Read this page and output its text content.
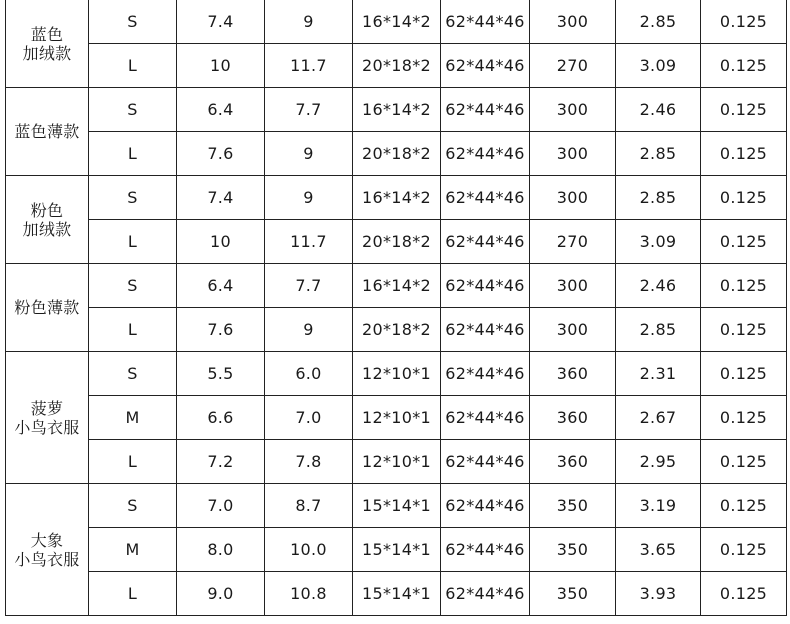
蓝色
加绒款	S	7.4	9	16*14*2	62*44*46	300	2.85	0.125
	L	10	11.7	20*18*2	62*44*46	270	3.09	0.125

蓝色薄款	S	6.4	7.7	16*14*2	62*44*46	300	2.46	0.125
	L	7.6	9	20*18*2	62*44*46	300	2.85	0.125

粉色
加绒款	S	7.4	9	16*14*2	62*44*46	300	2.85	0.125
	L	10	11.7	20*18*2	62*44*46	270	3.09	0.125

粉色薄款	S	6.4	7.7	16*14*2	62*44*46	300	2.46	0.125
	L	7.6	9	20*18*2	62*44*46	300	2.85	0.125

菠萝
小鸟衣服	S	5.5	6.0	12*10*1	62*44*46	360	2.31	0.125
	M	6.6	7.0	12*10*1	62*44*46	360	2.67	0.125
	L	7.2	7.8	12*10*1	62*44*46	360	2.95	0.125

大象
小鸟衣服	S	7.0	8.7	15*14*1	62*44*46	350	3.19	0.125
	M	8.0	10.0	15*14*1	62*44*46	350	3.65	0.125
	L	9.0	10.8	15*14*1	62*44*46	350	3.93	0.125
